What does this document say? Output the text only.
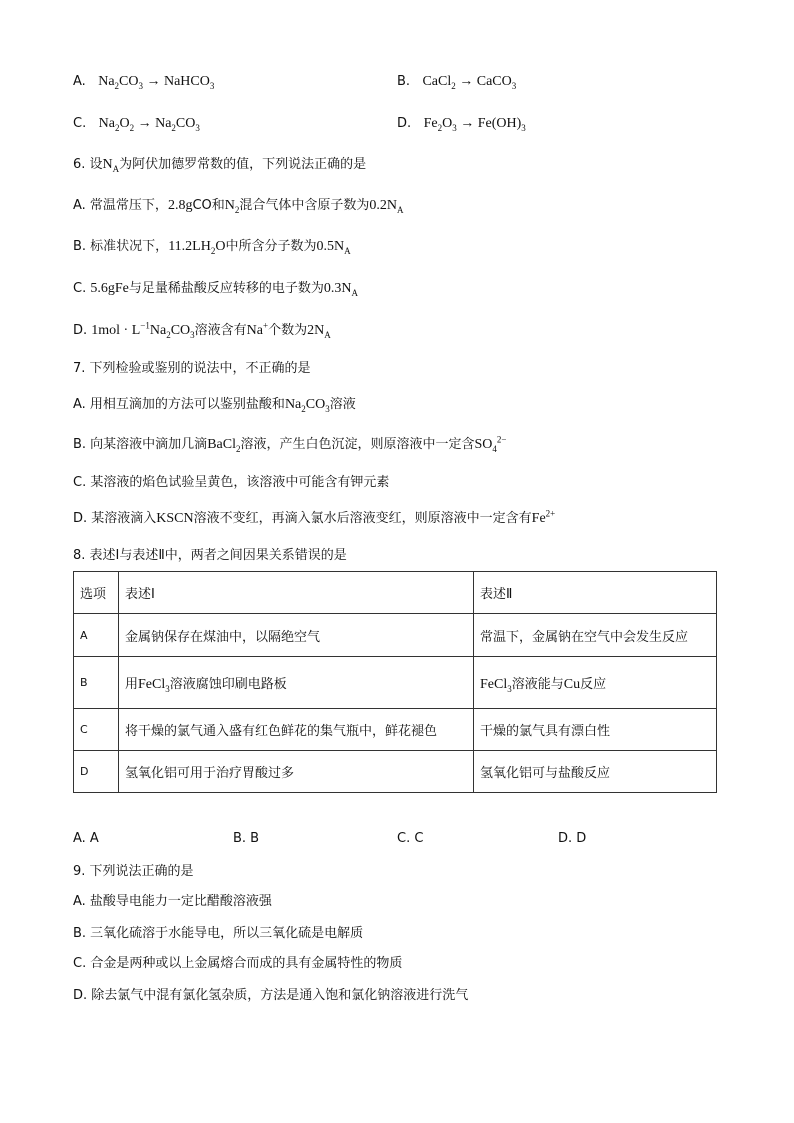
A. $Na_2CO_3$ → NaHCO$_3$	B. CaCl$_2$ → CaCO$_3$
C. $Na_2O_2 \to Na_2CO_3$	D. $Fe_2O_3 \to Fe(OH)_3$
6. 设$N_A$为阿伏加德罗常数的值，下列说法正确的是
A. 常温常压下，2.8gCO和$N_2$混合气体中含原子数为$0.2N_A$
B. 标准状况下，$11.2LH_2O$中所含分子数为$0.5N_A$
C. 5.6gFe与足量稀盐酸反应转移的电子数为$0.3N_A$
D. $1mol \cdot L^{-1}Na_2CO_3$溶液含有Na+个数为$2N_A$
7. 下列检验或鉴别的说法中，不正确的是
A. 用相互滴加的方法可以鉴别盐酸和$Na_2CO_3$溶液
B. 向某溶液中滴加几滴BaCl$_2$溶液，产生白色沉淀，则原溶液中一定含$SO_4^{2-}$
C. 某溶液的焰色试验呈黄色，该溶液中可能含有钾元素
D. 某溶液滴入KSCN溶液不变红，再滴入氯水后溶液变红，则原溶液中一定含有$Fe^{2+}$
8. 表述Ⅰ与表述Ⅱ中，两者之间因果关系错误的是
选项	表述Ⅰ	表述Ⅱ
A	金属钠保存在煤油中，以隔绝空气	常温下，金属钠在空气中会发生反应
B	用FeCl$_3$溶液腐蚀印刷电路板	FeCl$_3$溶液能与Cu反应
C	将干燥的氯气通入盛有红色鲜花的集气瓶中，鲜花褪色	干燥的氯气具有漂白性
D	氢氧化铝可用于治疗胃酸过多	氢氧化铝可与盐酸反应
A. A	B. B	C. C	D. D
9. 下列说法正确的是
A. 盐酸导电能力一定比醋酸溶液强
B. 三氧化硫溶于水能导电，所以三氧化硫是电解质
C. 合金是两种或以上金属熔合而成的具有金属特性的物质
D. 除去氯气中混有氯化氢杂质，方法是通入饱和氯化钠溶液进行洗气
